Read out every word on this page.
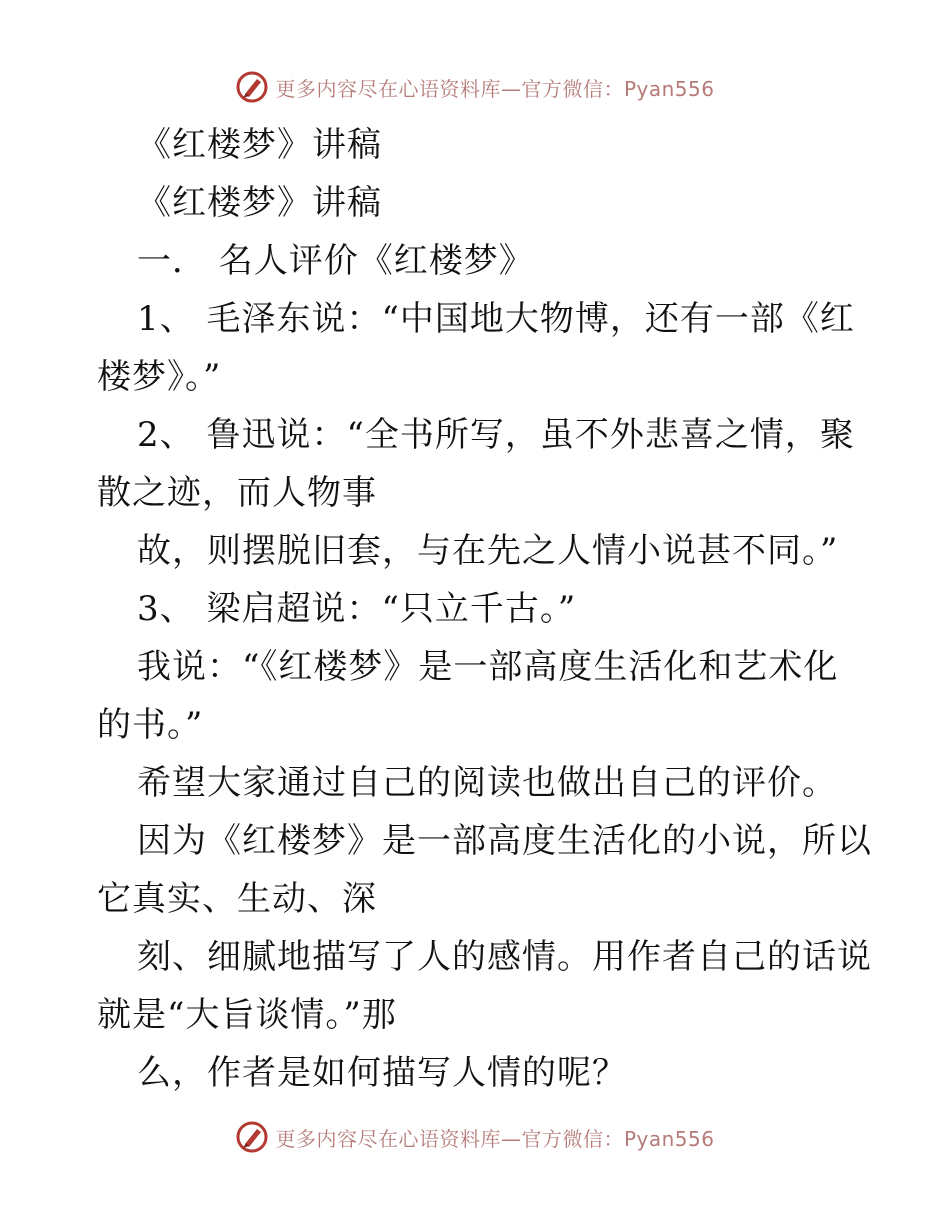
更多内容尽在心语资料库—官方微信：Pyan556
《红楼梦》讲稿
《红楼梦》讲稿
一． 名人评价《红楼梦》
1、 毛泽东说：“中国地大物博，还有一部《红
楼梦》。”
2、 鲁迅说：“全书所写，虽不外悲喜之情，聚
散之迹，而人物事
故，则摆脱旧套，与在先之人情小说甚不同。”
3、 梁启超说：“只立千古。”
我说：“《红楼梦》是一部高度生活化和艺术化
的书。”
希望大家通过自己的阅读也做出自己的评价。
因为《红楼梦》是一部高度生活化的小说，所以
它真实、生动、深
刻、细腻地描写了人的感情。用作者自己的话说
就是“大旨谈情。”那
么，作者是如何描写人情的呢？
更多内容尽在心语资料库—官方微信：Pyan556
